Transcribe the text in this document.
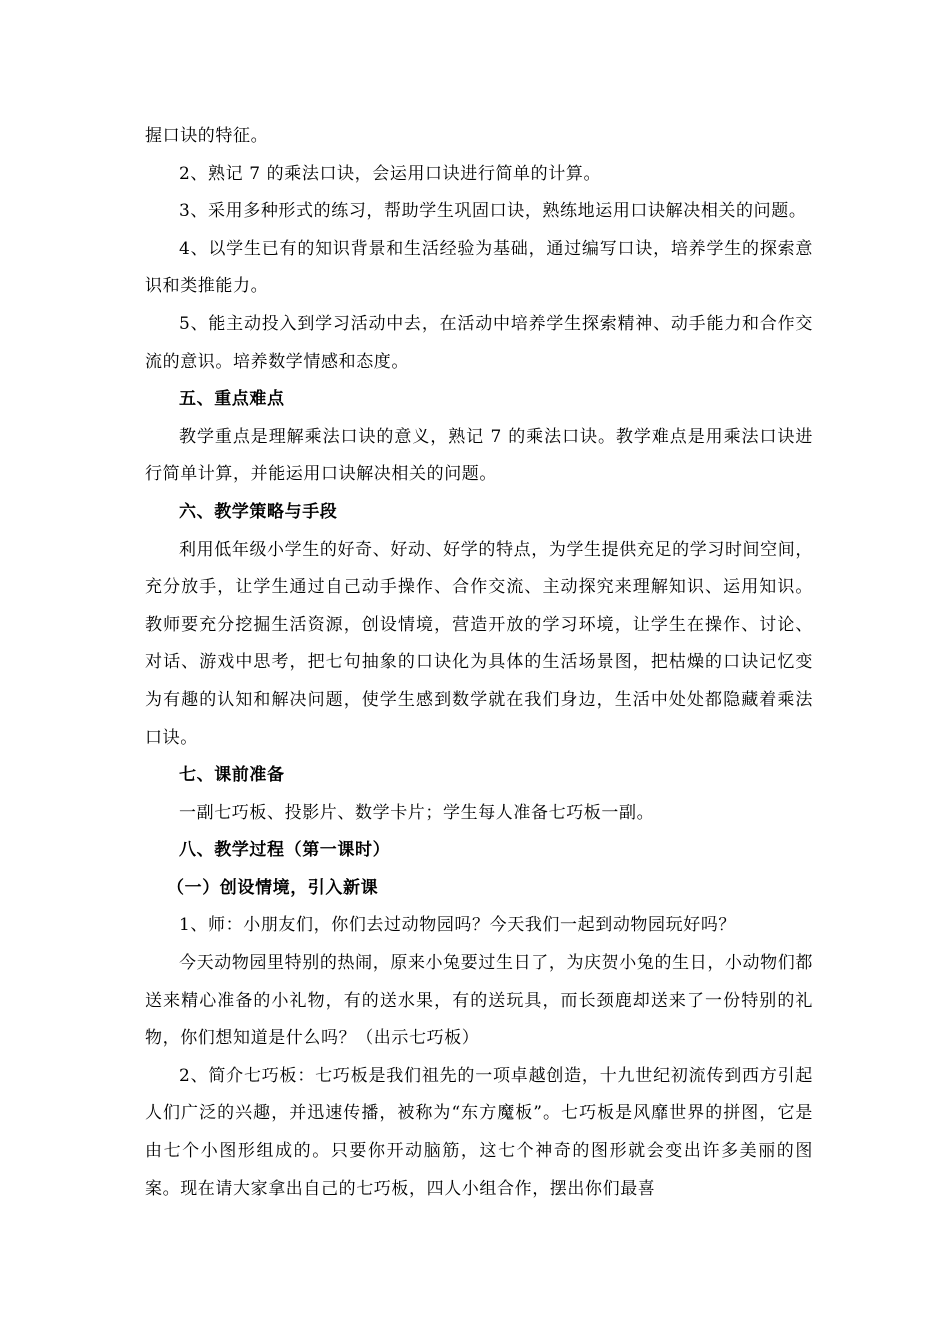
握口诀的特征。

2、熟记 7 的乘法口诀，会运用口诀进行简单的计算。

3、采用多种形式的练习，帮助学生巩固口诀，熟练地运用口诀解决相关的问题。

4、以学生已有的知识背景和生活经验为基础，通过编写口诀，培养学生的探索意识和类推能力。

5、能主动投入到学习活动中去，在活动中培养学生探索精神、动手能力和合作交流的意识。培养数学情感和态度。

五、重点难点

教学重点是理解乘法口诀的意义，熟记 7 的乘法口诀。教学难点是用乘法口诀进行简单计算，并能运用口诀解决相关的问题。

六、教学策略与手段

利用低年级小学生的好奇、好动、好学的特点，为学生提供充足的学习时间空间，充分放手，让学生通过自己动手操作、合作交流、主动探究来理解知识、运用知识。教师要充分挖掘生活资源，创设情境，营造开放的学习环境，让学生在操作、讨论、对话、游戏中思考，把七句抽象的口诀化为具体的生活场景图，把枯燥的口诀记忆变为有趣的认知和解决问题，使学生感到数学就在我们身边，生活中处处都隐藏着乘法口诀。

七、课前准备

一副七巧板、投影片、数学卡片；学生每人准备七巧板一副。

八、教学过程（第一课时）
（一）创设情境，引入新课

1、师：小朋友们，你们去过动物园吗？今天我们一起到动物园玩好吗？

今天动物园里特别的热闹，原来小兔要过生日了，为庆贺小兔的生日，小动物们都送来精心准备的小礼物，有的送水果，有的送玩具，而长颈鹿却送来了一份特别的礼物，你们想知道是什么吗？（出示七巧板）

2、简介七巧板：七巧板是我们祖先的一项卓越创造，十九世纪初流传到西方引起人们广泛的兴趣，并迅速传播，被称为“东方魔板”。七巧板是风靡世界的拼图，它是由七个小图形组成的。只要你开动脑筋，这七个神奇的图形就会变出许多美丽的图案。现在请大家拿出自己的七巧板，四人小组合作，摆出你们最喜
